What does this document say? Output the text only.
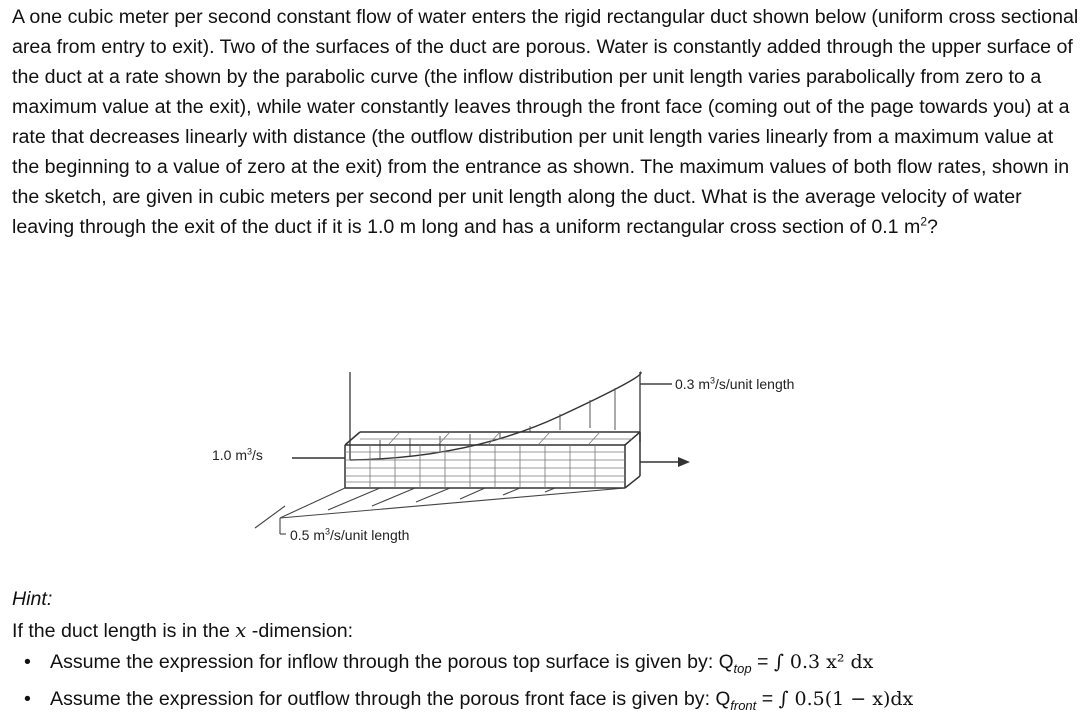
A one cubic meter per second constant flow of water enters the rigid rectangular duct shown below (uniform cross sectional area from entry to exit). Two of the surfaces of the duct are porous. Water is constantly added through the upper surface of the duct at a rate shown by the parabolic curve (the inflow distribution per unit length varies parabolically from zero to a maximum value at the exit), while water constantly leaves through the front face (coming out of the page towards you) at a rate that decreases linearly with distance (the outflow distribution per unit length varies linearly from a maximum value at the beginning to a value of zero at the exit) from the entrance as shown. The maximum values of both flow rates, shown in the sketch, are given in cubic meters per second per unit length along the duct. What is the average velocity of water leaving through the exit of the duct if it is 1.0 m long and has a uniform rectangular cross section of 0.1 $m^2$?

1.0 $m^3/s$
0.3 $m^3/s$/unit length
0.5 $m^3/s$/unit length
Hint:
If the duct length is in the x -dimension:
• Assume the expression for inflow through the porous top surface is given by: $Q_{top}$ = ∫ 0.3 x² dx
• Assume the expression for outflow through the porous front face is given by: $Q_{front}$ = ∫ 0.5(1 − x)dx
